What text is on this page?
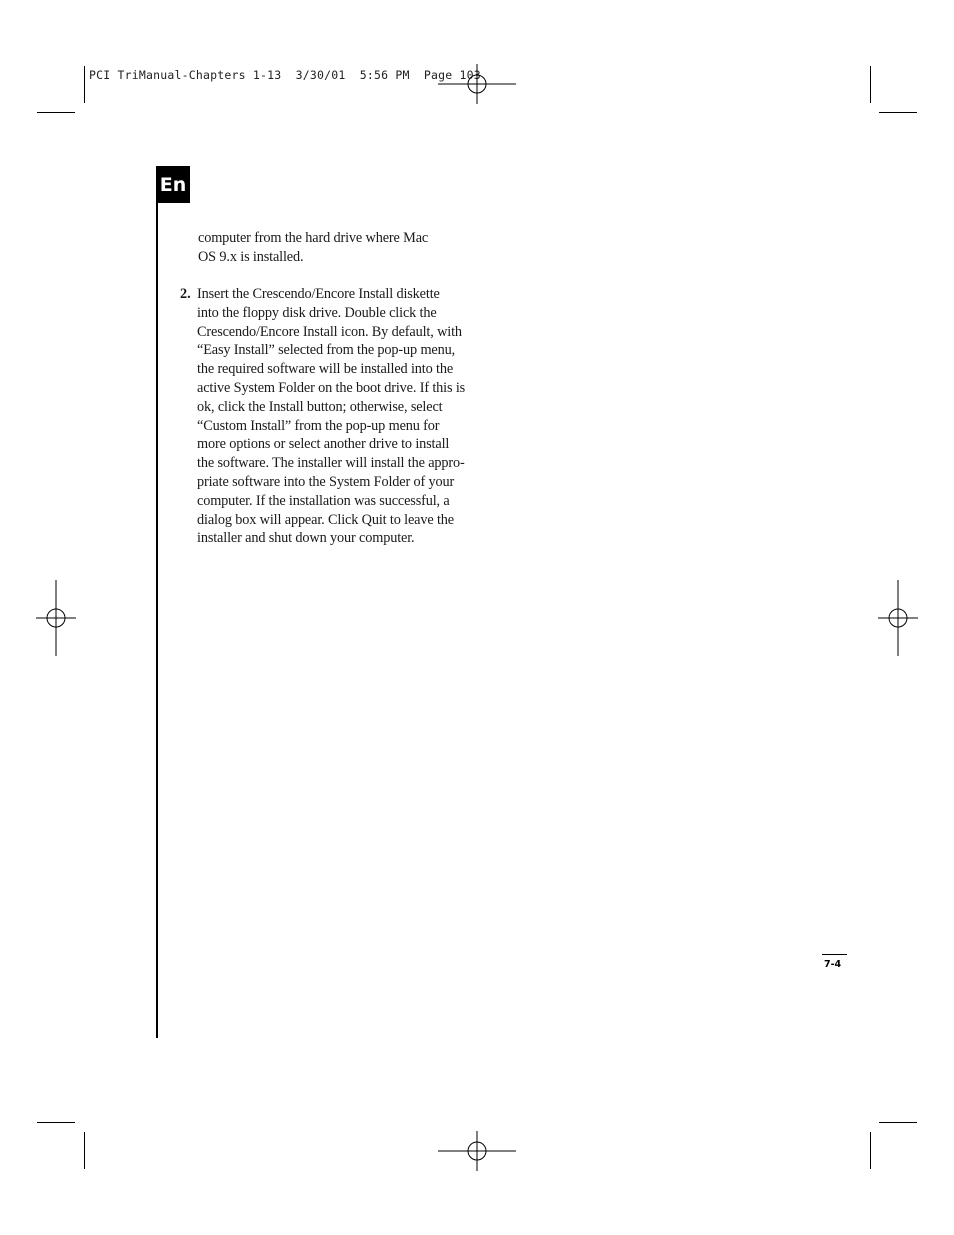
PCI TriManual-Chapters 1-13 3/30/01 5:56 PM Page 103
En
computer from the hard drive where Mac
OS 9.x is installed.
2. Insert the Crescendo/Encore Install diskette
into the floppy disk drive. Double click the
Crescendo/Encore Install icon. By default, with
“Easy Install” selected from the pop-up menu,
the required software will be installed into the
active System Folder on the boot drive. If this is
ok, click the Install button; otherwise, select
“Custom Install” from the pop-up menu for
more options or select another drive to install
the software. The installer will install the appro-
priate software into the System Folder of your
computer. If the installation was successful, a
dialog box will appear. Click Quit to leave the
installer and shut down your computer.
7-4
